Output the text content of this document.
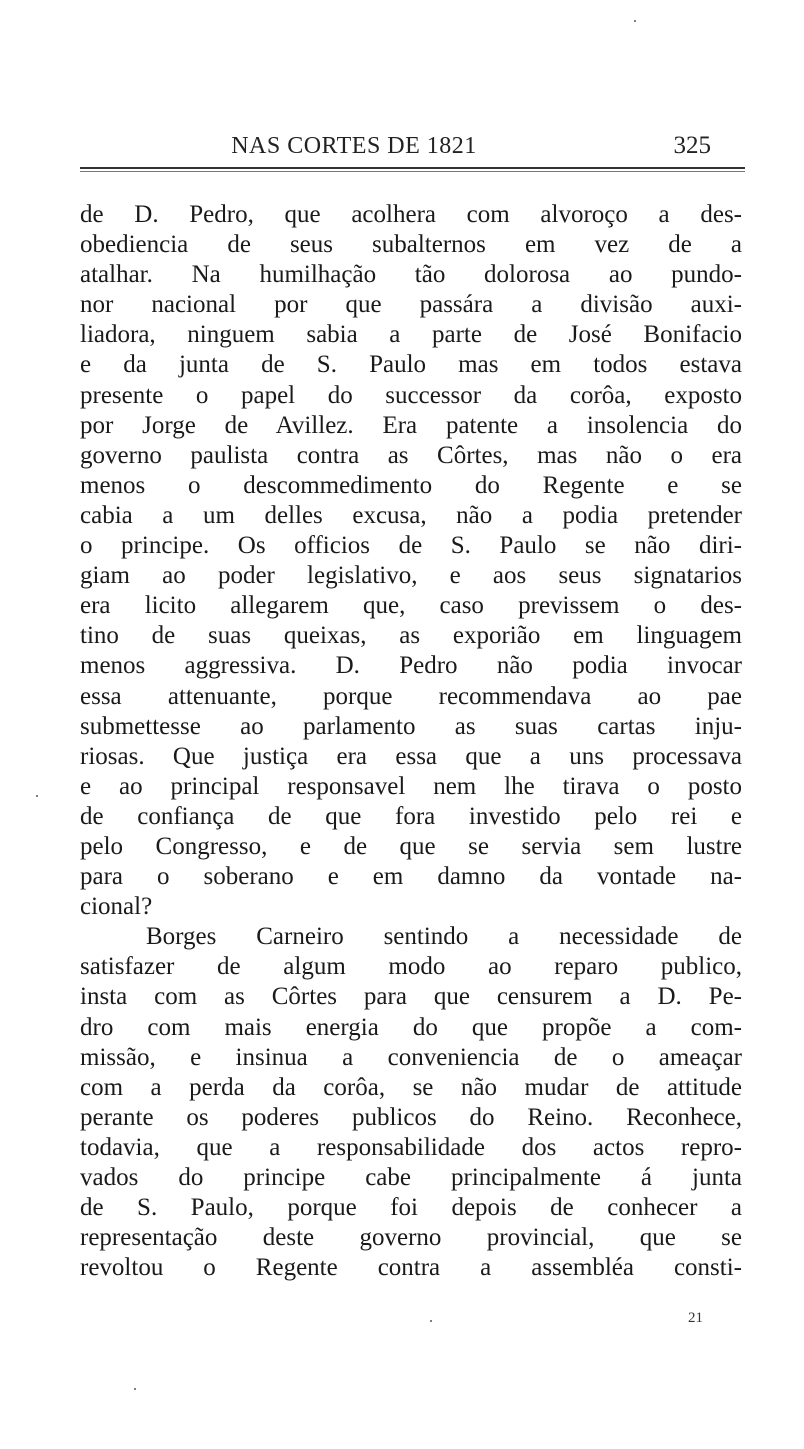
NAS CORTES DE 1821	325
de D. Pedro, que acolhera com alvoroço a des-
obediencia de seus subalternos em vez de a
atalhar. Na humilhação tão dolorosa ao pundo-
nor nacional por que passára a divisão auxi-
liadora, ninguem sabia a parte de José Bonifacio
e da junta de S. Paulo mas em todos estava
presente o papel do successor da corôa, exposto
por Jorge de Avillez. Era patente a insolencia do
governo paulista contra as Côrtes, mas não o era
menos o descommedimento do Regente e se
cabia a um delles excusa, não a podia pretender
o principe. Os officios de S. Paulo se não diri-
giam ao poder legislativo, e aos seus signatarios
era licito allegarem que, caso previssem o des-
tino de suas queixas, as exporião em linguagem
menos aggressiva. D. Pedro não podia invocar
essa attenuante, porque recommendava ao pae
submettesse ao parlamento as suas cartas inju-
riosas. Que justiça era essa que a uns processava
e ao principal responsavel nem lhe tirava o posto
de confiança de que fora investido pelo rei e
pelo Congresso, e de que se servia sem lustre
para o soberano e em damno da vontade na-
cional?
Borges Carneiro sentindo a necessidade de
satisfazer de algum modo ao reparo publico,
insta com as Côrtes para que censurem a D. Pe-
dro com mais energia do que propõe a com-
missão, e insinua a conveniencia de o ameaçar
com a perda da corôa, se não mudar de attitude
perante os poderes publicos do Reino. Reconhece,
todavia, que a responsabilidade dos actos repro-
vados do principe cabe principalmente á junta
de S. Paulo, porque foi depois de conhecer a
representação deste governo provincial, que se
revoltou o Regente contra a assembléa consti-
21
